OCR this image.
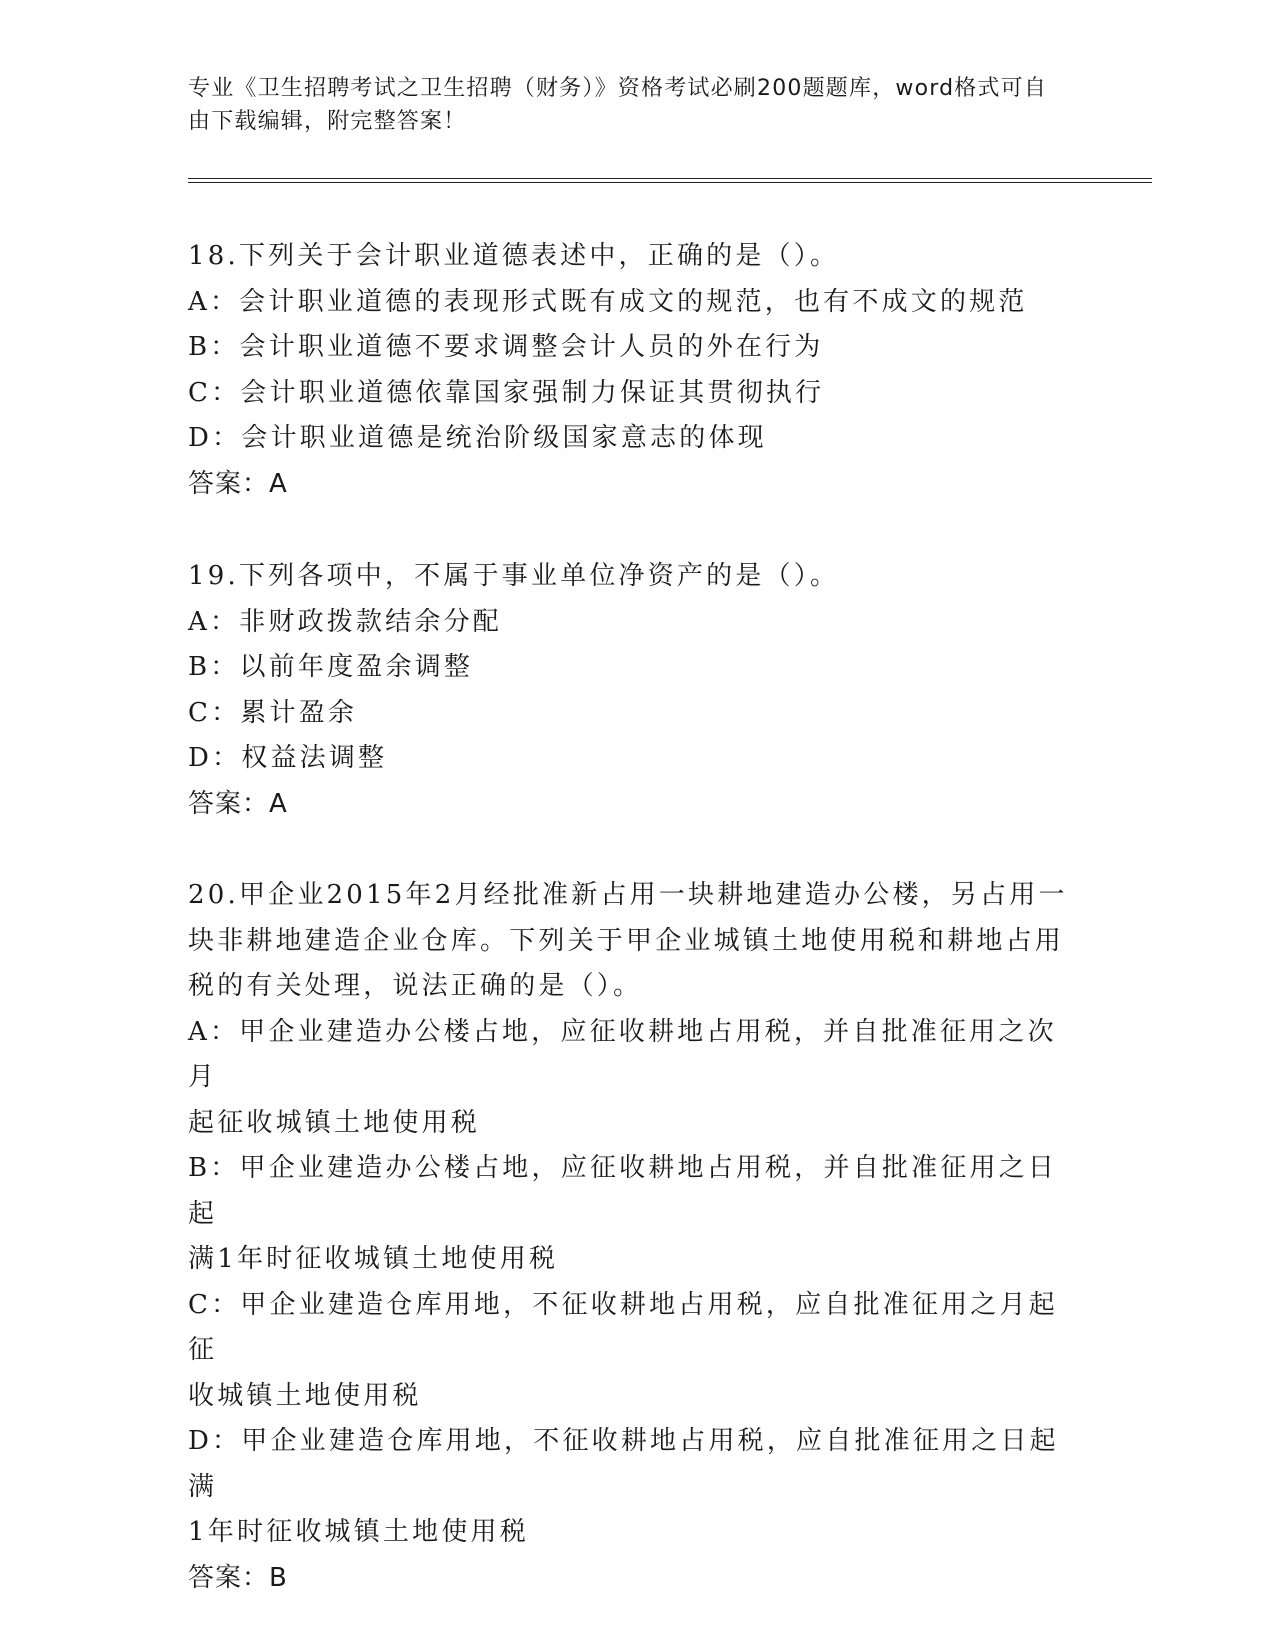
专业《卫生招聘考试之卫生招聘（财务）》资格考试必刷200题题库，word格式可自由下载编辑，附完整答案！
18.下列关于会计职业道德表述中，正确的是（）。
A：会计职业道德的表现形式既有成文的规范，也有不成文的规范
B：会计职业道德不要求调整会计人员的外在行为
C：会计职业道德依靠国家强制力保证其贯彻执行
D：会计职业道德是统治阶级国家意志的体现
答案：A
19.下列各项中，不属于事业单位净资产的是（）。
A：非财政拨款结余分配
B：以前年度盈余调整
C：累计盈余
D：权益法调整
答案：A
20.甲企业2015年2月经批准新占用一块耕地建造办公楼，另占用一
块非耕地建造企业仓库。下列关于甲企业城镇土地使用税和耕地占用
税的有关处理，说法正确的是（）。
A：甲企业建造办公楼占地，应征收耕地占用税，并自批准征用之次月
起征收城镇土地使用税
B：甲企业建造办公楼占地，应征收耕地占用税，并自批准征用之日起
满1年时征收城镇土地使用税
C：甲企业建造仓库用地，不征收耕地占用税，应自批准征用之月起征
收城镇土地使用税
D：甲企业建造仓库用地，不征收耕地占用税，应自批准征用之日起满
1年时征收城镇土地使用税
答案：B
